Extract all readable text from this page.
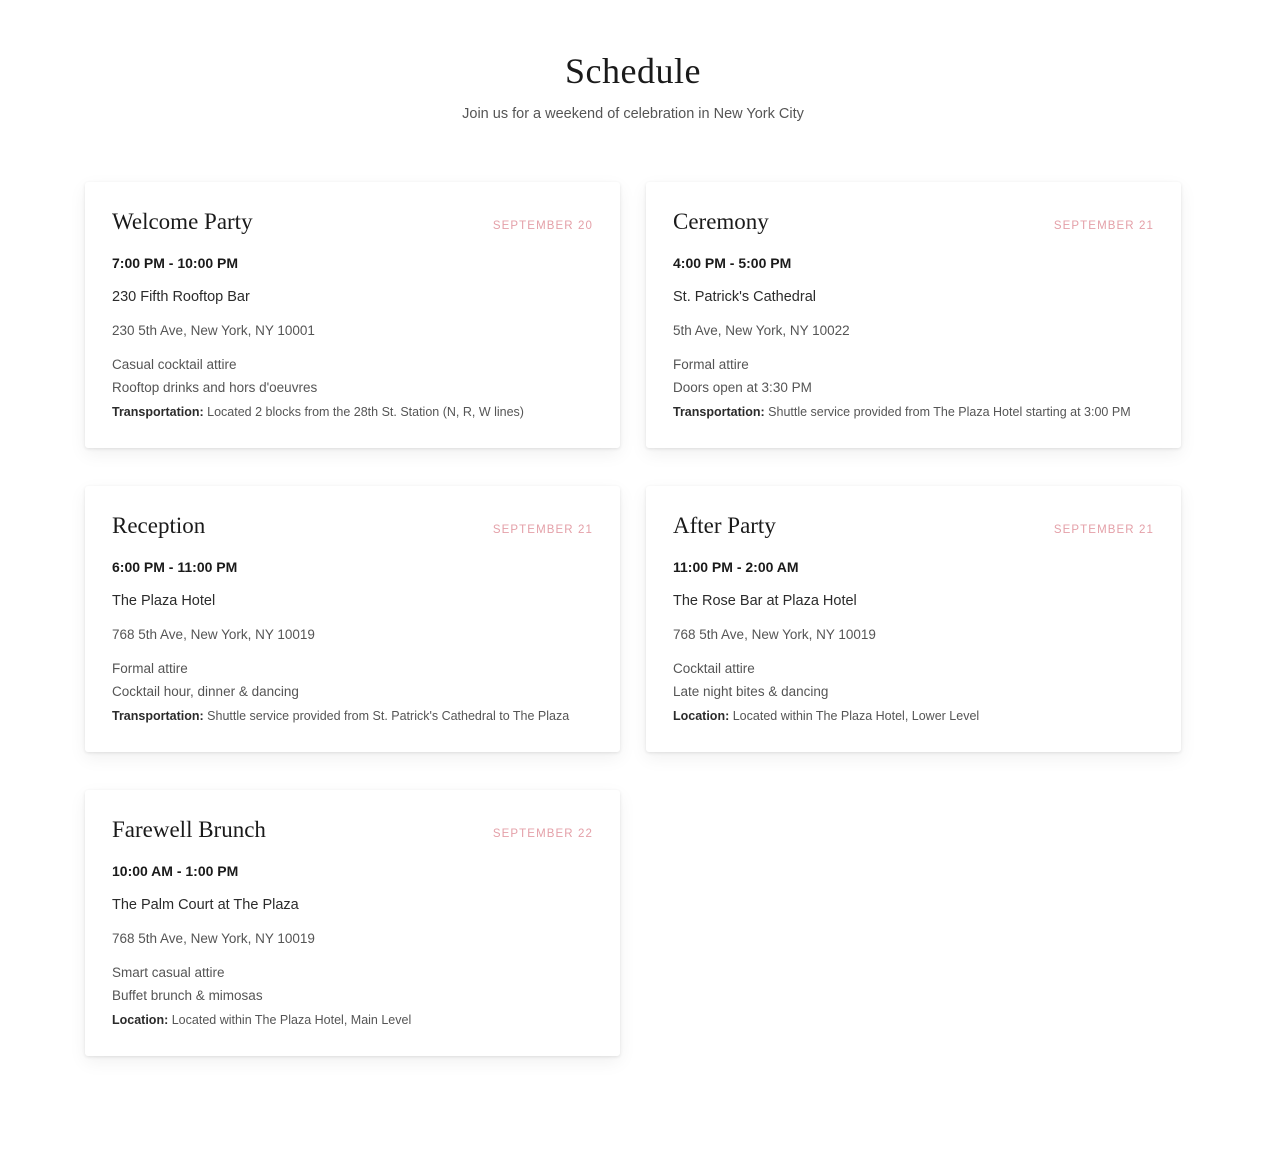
Schedule

Join us for a weekend of celebration in New York City

Welcome Party	SEPTEMBER 20
7:00 PM - 10:00 PM
230 Fifth Rooftop Bar
230 5th Ave, New York, NY 10001
Casual cocktail attire
Rooftop drinks and hors d'oeuvres
Transportation: Located 2 blocks from the 28th St. Station (N, R, W lines)
Ceremony	SEPTEMBER 21
4:00 PM - 5:00 PM
St. Patrick's Cathedral
5th Ave, New York, NY 10022
Formal attire
Doors open at 3:30 PM
Transportation: Shuttle service provided from The Plaza Hotel starting at 3:00 PM
Reception	SEPTEMBER 21
6:00 PM - 11:00 PM
The Plaza Hotel
768 5th Ave, New York, NY 10019
Formal attire
Cocktail hour, dinner & dancing
Transportation: Shuttle service provided from St. Patrick's Cathedral to The Plaza
After Party	SEPTEMBER 21
11:00 PM - 2:00 AM
The Rose Bar at Plaza Hotel
768 5th Ave, New York, NY 10019
Cocktail attire
Late night bites & dancing
Location: Located within The Plaza Hotel, Lower Level
Farewell Brunch	SEPTEMBER 22
10:00 AM - 1:00 PM
The Palm Court at The Plaza
768 5th Ave, New York, NY 10019
Smart casual attire
Buffet brunch & mimosas
Location: Located within The Plaza Hotel, Main Level
